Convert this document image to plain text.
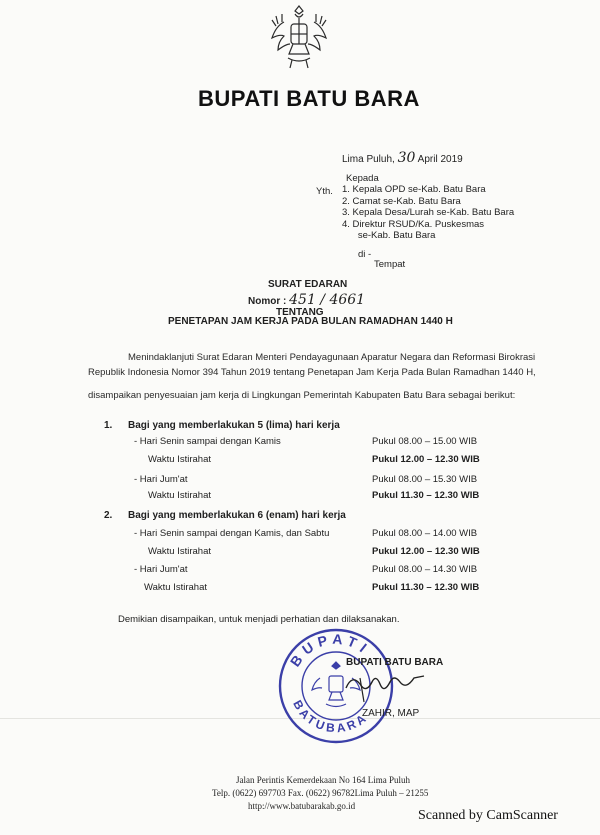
BUPATI BATU BARA
Lima Puluh, 30 April 2019
Kepada
Yth. 1. Kepala OPD se-Kab. Batu Bara
2. Camat se-Kab. Batu Bara
3. Kepala Desa/Lurah se-Kab. Batu Bara
4. Direktur RSUD/Ka. Puskesmas
se-Kab. Batu Bara
di -
Tempat
SURAT EDARAN
Nomor : 451 / 4661
TENTANG
PENETAPAN JAM KERJA PADA BULAN RAMADHAN 1440 H
Menindaklanjuti Surat Edaran Menteri Pendayagunaan Aparatur Negara dan Reformasi Birokrasi
Republik Indonesia Nomor 394 Tahun 2019 tentang Penetapan Jam Kerja Pada Bulan Ramadhan 1440 H,
disampaikan penyesuaian jam kerja di Lingkungan Pemerintah Kabupaten Batu Bara sebagai berikut:
1. Bagi yang memberlakukan 5 (lima) hari kerja
- Hari Senin sampai dengan Kamis	Pukul 08.00 – 15.00 WIB
Waktu Istirahat	Pukul 12.00 – 12.30 WIB
- Hari Jum'at	Pukul 08.00 – 15.30 WIB
Waktu Istirahat	Pukul 11.30 – 12.30 WIB
2. Bagi yang memberlakukan 6 (enam) hari kerja
- Hari Senin sampai dengan Kamis, dan Sabtu	Pukul 08.00 – 14.00 WIB
Waktu Istirahat	Pukul 12.00 – 12.30 WIB
- Hari Jum'at	Pukul 08.00 – 14.30 WIB
Waktu Istirahat	Pukul 11.30 – 12.30 WIB
Demikian disampaikan, untuk menjadi perhatian dan dilaksanakan.
BUPATI
BATUBARA
BUPATI BATU BARA
ZAHIR, MAP
Jalan Perintis Kemerdekaan No 164 Lima Puluh
Telp. (0622) 697703 Fax. (0622) 96782Lima Puluh – 21255
http://www.batubarakab.go.id
Scanned by CamScanner
